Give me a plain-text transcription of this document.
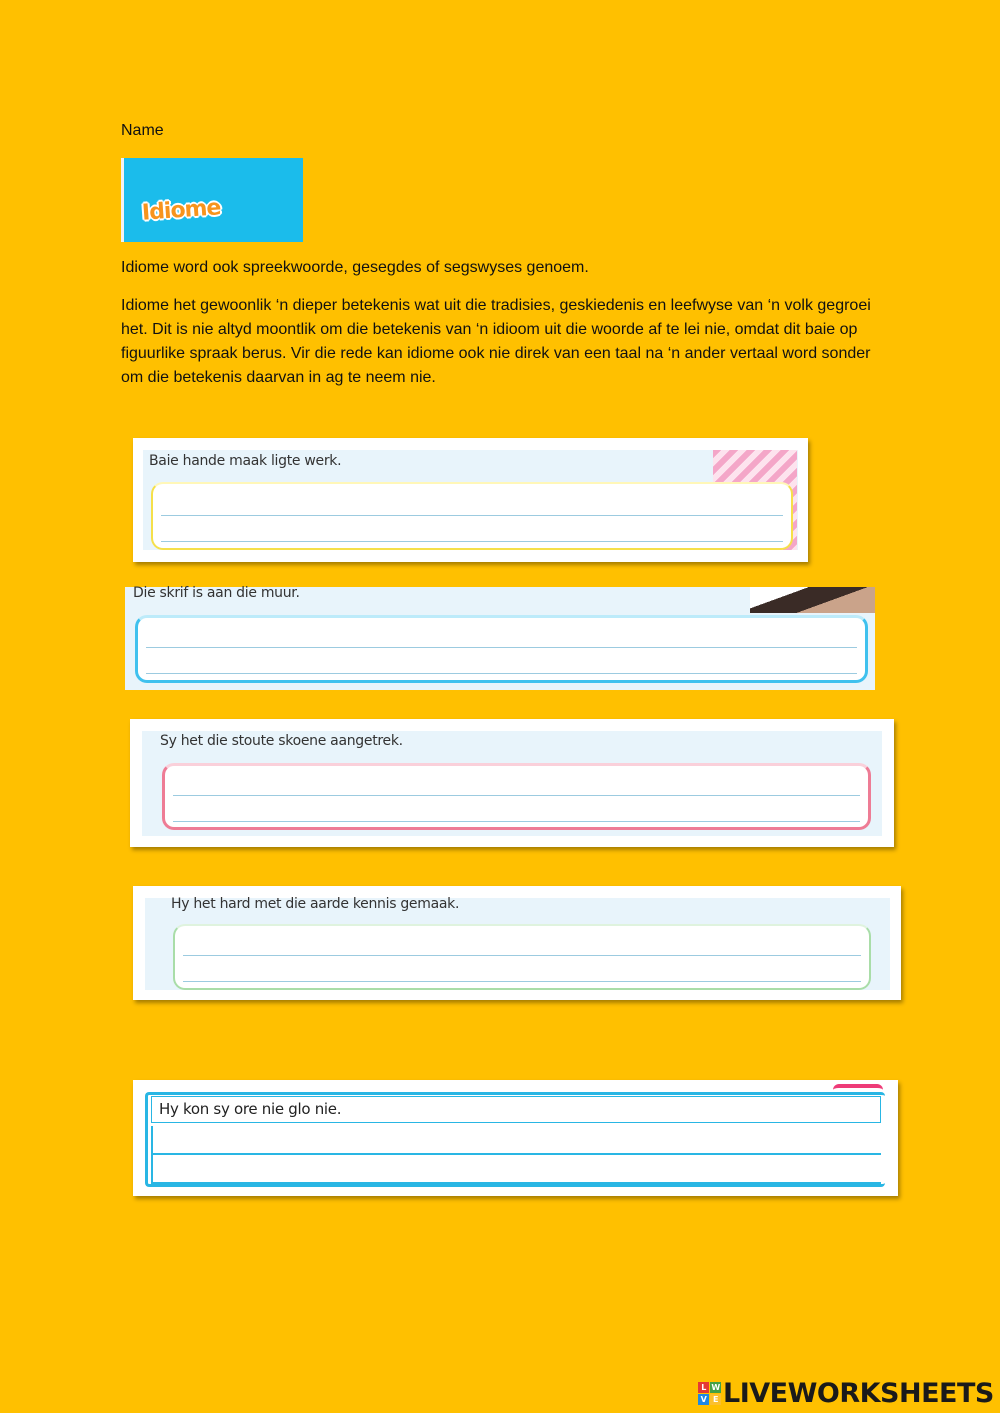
Name
Idiome
Idiome word ook spreekwoorde, gesegdes of segswyses genoem.
Idiome het gewoonlik ‘n dieper betekenis wat uit die tradisies, geskiedenis en leefwyse van ‘n volk gegroei het. Dit is nie altyd moontlik om die betekenis van ‘n idioom uit die woorde af te lei nie, omdat dit baie op figuurlike spraak berus. Vir die rede kan idiome ook nie direk van een taal na ‘n ander vertaal word sonder om die betekenis daarvan in ag te neem nie.
Baie hande maak ligte werk.
Die skrif is aan die muur.
Sy het die stoute skoene aangetrek.
Hy het hard met die aarde kennis gemaak.
Hy kon sy ore nie glo nie.
L W
V E LIVEWORKSHEETS
